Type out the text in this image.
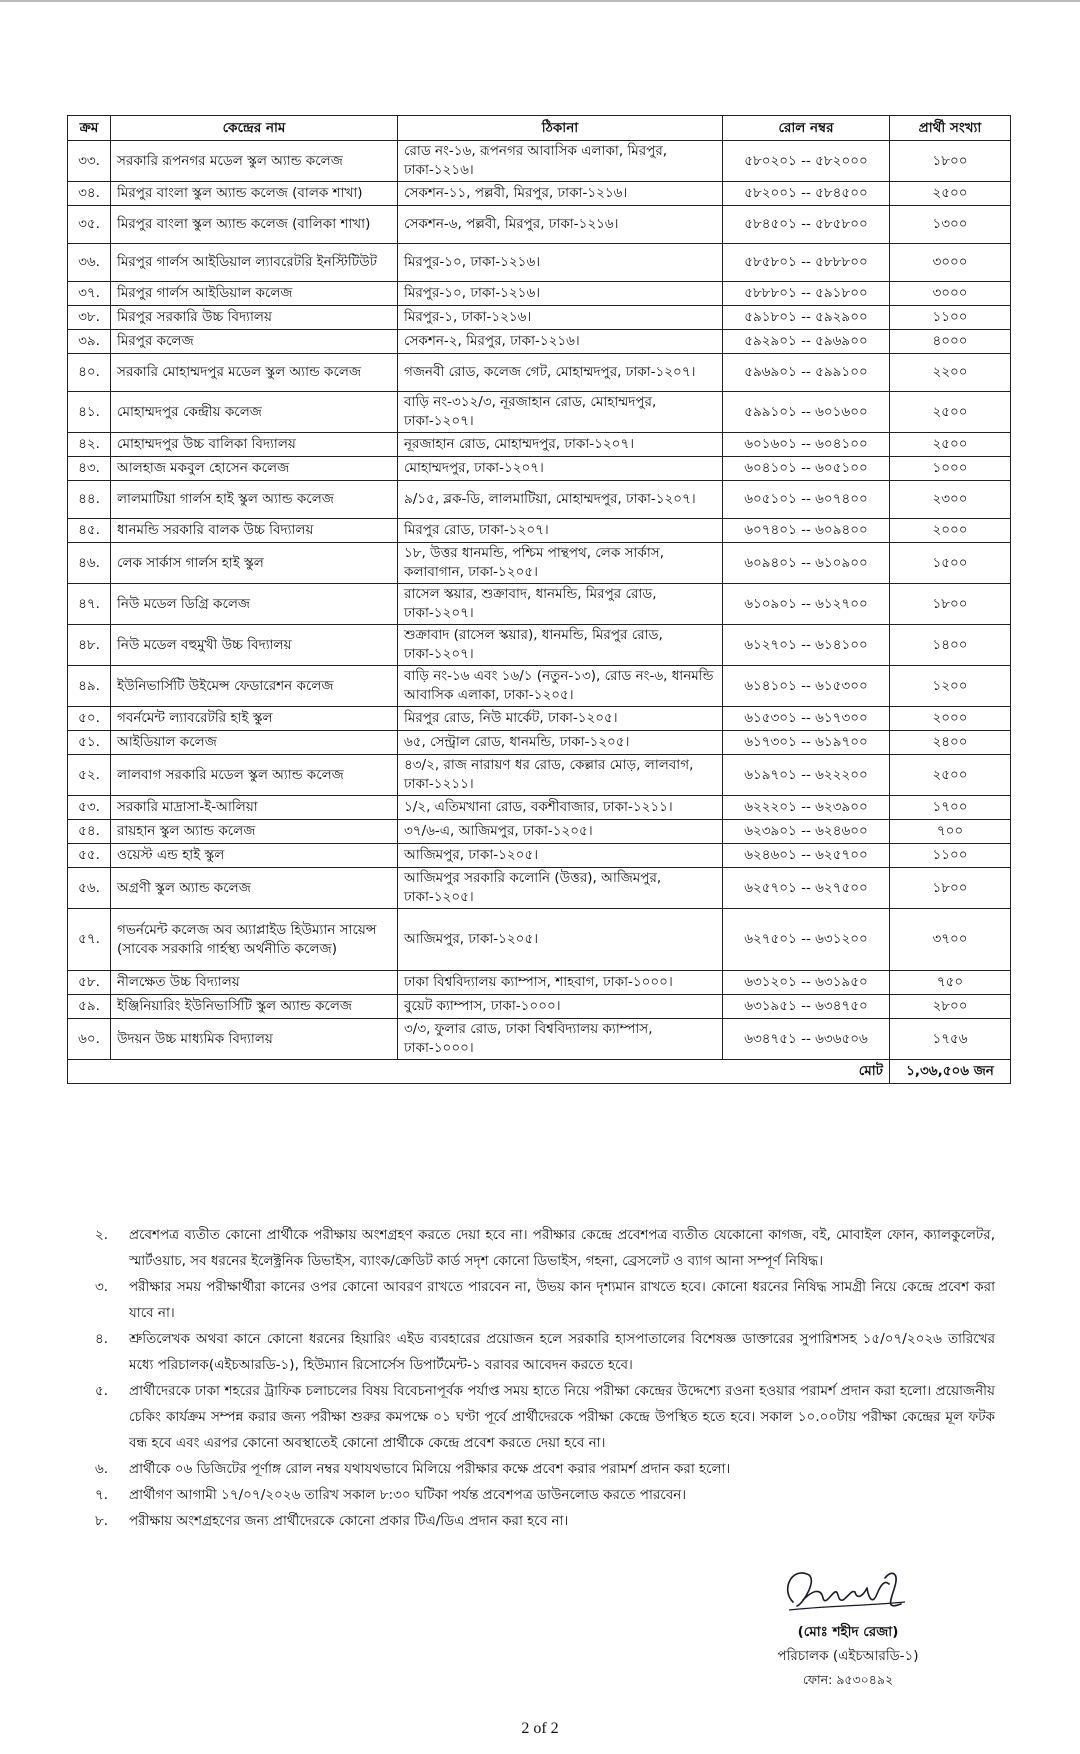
ক্রম	কেন্দ্রের নাম	ঠিকানা	রোল নম্বর	প্রার্থী সংখ্যা
৩৩.	সরকারি রূপনগর মডেল স্কুল অ্যান্ড কলেজ	রোড নং-১৬, রূপনগর আবাসিক এলাকা, মিরপুর, ঢাকা-১২১৬।	৫৮০২০১ -- ৫৮২০০০	১৮০০
৩৪.	মিরপুর বাংলা স্কুল অ্যান্ড কলেজ (বালক শাখা)	সেকশন-১১, পল্লবী, মিরপুর, ঢাকা-১২১৬।	৫৮২০০১ -- ৫৮৪৫০০	২৫০০
৩৫.	মিরপুর বাংলা স্কুল অ্যান্ড কলেজ (বালিকা শাখা)	সেকশন-৬, পল্লবী, মিরপুর, ঢাকা-১২১৬।	৫৮৪৫০১ -- ৫৮৫৮০০	১৩০০
৩৬.	মিরপুর গার্লস আইডিয়াল ল্যাবরেটরি ইনস্টিটিউট	মিরপুর-১০, ঢাকা-১২১৬।	৫৮৫৮০১ -- ৫৮৮৮০০	৩০০০
৩৭.	মিরপুর গার্লস আইডিয়াল কলেজ	মিরপুর-১০, ঢাকা-১২১৬।	৫৮৮৮০১ -- ৫৯১৮০০	৩০০০
৩৮.	মিরপুর সরকারি উচ্চ বিদ্যালয়	মিরপুর-১, ঢাকা-১২১৬।	৫৯১৮০১ -- ৫৯২৯০০	১১০০
৩৯.	মিরপুর কলেজ	সেকশন-২, মিরপুর, ঢাকা-১২১৬।	৫৯২৯০১ -- ৫৯৬৯০০	৪০০০
৪০.	সরকারি মোহাম্মদপুর মডেল স্কুল অ্যান্ড কলেজ	গজনবী রোড, কলেজ গেট, মোহাম্মদপুর, ঢাকা-১২০৭।	৫৯৬৯০১ -- ৫৯৯১০০	২২০০
৪১.	মোহাম্মদপুর কেন্দ্রীয় কলেজ	বাড়ি নং-৩১২/৩, নূরজাহান রোড, মোহাম্মদপুর, ঢাকা-১২০৭।	৫৯৯১০১ -- ৬০১৬০০	২৫০০
৪২.	মোহাম্মদপুর উচ্চ বালিকা বিদ্যালয়	নূরজাহান রোড, মোহাম্মদপুর, ঢাকা-১২০৭।	৬০১৬০১ -- ৬০৪১০০	২৫০০
৪৩.	আলহাজ মকবুল হোসেন কলেজ	মোহাম্মদপুর, ঢাকা-১২০৭।	৬০৪১০১ -- ৬০৫১০০	১০০০
৪৪.	লালমাটিয়া গার্লস হাই স্কুল অ্যান্ড কলেজ	৯/১৫, ব্লক-ডি, লালমাটিয়া, মোহাম্মদপুর, ঢাকা-১২০৭।	৬০৫১০১ -- ৬০৭৪০০	২৩০০
৪৫.	ধানমন্ডি সরকারি বালক উচ্চ বিদ্যালয়	মিরপুর রোড, ঢাকা-১২০৭।	৬০৭৪০১ -- ৬০৯৪০০	২০০০
৪৬.	লেক সার্কাস গার্লস হাই স্কুল	১৮, উত্তর ধানমন্ডি, পশ্চিম পান্থপথ, লেক সার্কাস, কলাবাগান, ঢাকা-১২০৫।	৬০৯৪০১ -- ৬১০৯০০	১৫০০
৪৭.	নিউ মডেল ডিগ্রি কলেজ	রাসেল স্কয়ার, শুক্রাবাদ, ধানমন্ডি, মিরপুর রোড, ঢাকা-১২০৭।	৬১০৯০১ -- ৬১২৭০০	১৮০০
৪৮.	নিউ মডেল বহুমুখী উচ্চ বিদ্যালয়	শুক্রাবাদ (রাসেল স্কয়ার), ধানমন্ডি, মিরপুর রোড, ঢাকা-১২০৭।	৬১২৭০১ -- ৬১৪১০০	১৪০০
৪৯.	ইউনিভার্সিটি উইমেন্স ফেডারেশন কলেজ	বাড়ি নং-১৬ এবং ১৬/১ (নতুন-১৩), রোড নং-৬, ধানমন্ডি আবাসিক এলাকা, ঢাকা-১২০৫।	৬১৪১০১ -- ৬১৫৩০০	১২০০
৫০.	গবর্নমেন্ট ল্যাবরেটরি হাই স্কুল	মিরপুর রোড, নিউ মার্কেট, ঢাকা-১২০৫।	৬১৫৩০১ -- ৬১৭৩০০	২০০০
৫১.	আইডিয়াল কলেজ	৬৫, সেন্ট্রাল রোড, ধানমন্ডি, ঢাকা-১২০৫।	৬১৭৩০১ -- ৬১৯৭০০	২৪০০
৫২.	লালবাগ সরকারি মডেল স্কুল অ্যান্ড কলেজ	৪৩/২, রাজ নারায়ণ ধর রোড, কেল্লার মোড়, লালবাগ, ঢাকা-১২১১।	৬১৯৭০১ -- ৬২২২০০	২৫০০
৫৩.	সরকারি মাদ্রাসা-ই-আলিয়া	১/২, এতিমখানা রোড, বকশীবাজার, ঢাকা-১২১১।	৬২২২০১ -- ৬২৩৯০০	১৭০০
৫৪.	রায়হান স্কুল অ্যান্ড কলেজ	৩৭/৬-এ, আজিমপুর, ঢাকা-১২০৫।	৬২৩৯০১ -- ৬২৪৬০০	৭০০
৫৫.	ওয়েস্ট এন্ড হাই স্কুল	আজিমপুর, ঢাকা-১২০৫।	৬২৪৬০১ -- ৬২৫৭০০	১১০০
৫৬.	অগ্রণী স্কুল অ্যান্ড কলেজ	আজিমপুর সরকারি কলোনি (উত্তর), আজিমপুর, ঢাকা-১২০৫।	৬২৫৭০১ -- ৬২৭৫০০	১৮০০
৫৭.	গভর্নমেন্ট কলেজ অব অ্যাপ্লাইড হিউম্যান সায়েন্স (সাবেক সরকারি গার্হস্থ্য অর্থনীতি কলেজ)	আজিমপুর, ঢাকা-১২০৫।	৬২৭৫০১ -- ৬৩১২০০	৩৭০০
৫৮.	নীলক্ষেত উচ্চ বিদ্যালয়	ঢাকা বিশ্ববিদ্যালয় ক্যাম্পাস, শাহবাগ, ঢাকা-১০০০।	৬৩১২০১ -- ৬৩১৯৫০	৭৫০
৫৯.	ইঞ্জিনিয়ারিং ইউনিভার্সিটি স্কুল অ্যান্ড কলেজ	বুয়েট ক্যাম্পাস, ঢাকা-১০০০।	৬৩১৯৫১ -- ৬৩৪৭৫০	২৮০০
৬০.	উদয়ন উচ্চ মাধ্যমিক বিদ্যালয়	৩/৩, ফুলার রোড, ঢাকা বিশ্ববিদ্যালয় ক্যাম্পাস, ঢাকা-১০০০।	৬৩৪৭৫১ -- ৬৩৬৫০৬	১৭৫৬
মোট				১,৩৬,৫০৬ জন
২.	প্রবেশপত্র ব্যতীত কোনো প্রার্থীকে পরীক্ষায় অংশগ্রহণ করতে দেয়া হবে না। পরীক্ষার কেন্দ্রে প্রবেশপত্র ব্যতীত যেকোনো কাগজ, বই, মোবাইল ফোন, ক্যালকুলেটর, স্মার্টওয়াচ, সব ধরনের ইলেক্ট্রনিক ডিভাইস, ব্যাংক/ক্রেডিট কার্ড সদৃশ কোনো ডিভাইস, গহনা, ব্রেসলেট ও ব্যাগ আনা সম্পূর্ণ নিষিদ্ধ।
৩.	পরীক্ষার সময় পরীক্ষার্থীরা কানের ওপর কোনো আবরণ রাখতে পারবেন না, উভয় কান দৃশ্যমান রাখতে হবে। কোনো ধরনের নিষিদ্ধ সামগ্রী নিয়ে কেন্দ্রে প্রবেশ করা যাবে না।
৪.	শ্রুতিলেখক অথবা কানে কোনো ধরনের হিয়ারিং এইড ব্যবহারের প্রয়োজন হলে সরকারি হাসপাতালের বিশেষজ্ঞ ডাক্তারের সুপারিশসহ ১৫/০৭/২০২৬ তারিখের মধ্যে পরিচালক(এইচআরডি-১), হিউম্যান রিসোর্সেস ডিপার্টমেন্ট-১ বরাবর আবেদন করতে হবে।
৫.	প্রার্থীদেরকে ঢাকা শহরের ট্রাফিক চলাচলের বিষয় বিবেচনাপূর্বক পর্যাপ্ত সময় হাতে নিয়ে পরীক্ষা কেন্দ্রের উদ্দেশ্যে রওনা হওয়ার পরামর্শ প্রদান করা হলো। প্রয়োজনীয় চেকিং কার্যক্রম সম্পন্ন করার জন্য পরীক্ষা শুরুর কমপক্ষে ০১ ঘণ্টা পূর্বে প্রার্থীদেরকে পরীক্ষা কেন্দ্রে উপস্থিত হতে হবে। সকাল ১০.০০টায় পরীক্ষা কেন্দ্রের মূল ফটক বন্ধ হবে এবং এরপর কোনো অবস্থাতেই কোনো প্রার্থীকে কেন্দ্রে প্রবেশ করতে দেয়া হবে না।
৬.	প্রার্থীকে ০৬ ডিজিটের পূর্ণাঙ্গ রোল নম্বর যথাযথভাবে মিলিয়ে পরীক্ষার কক্ষে প্রবেশ করার পরামর্শ প্রদান করা হলো।
৭.	প্রার্থীগণ আগামী ১৭/০৭/২০২৬ তারিখ সকাল ৮:৩০ ঘটিকা পর্যন্ত প্রবেশপত্র ডাউনলোড করতে পারবেন।
৮.	পরীক্ষায় অংশগ্রহণের জন্য প্রার্থীদেরকে কোনো প্রকার টিএ/ডিএ প্রদান করা হবে না।
(মোঃ শহীদ রেজা)
পরিচালক (এইচআরডি-১)
ফোন: ৯৫৩০৪৯২
2 of 2
